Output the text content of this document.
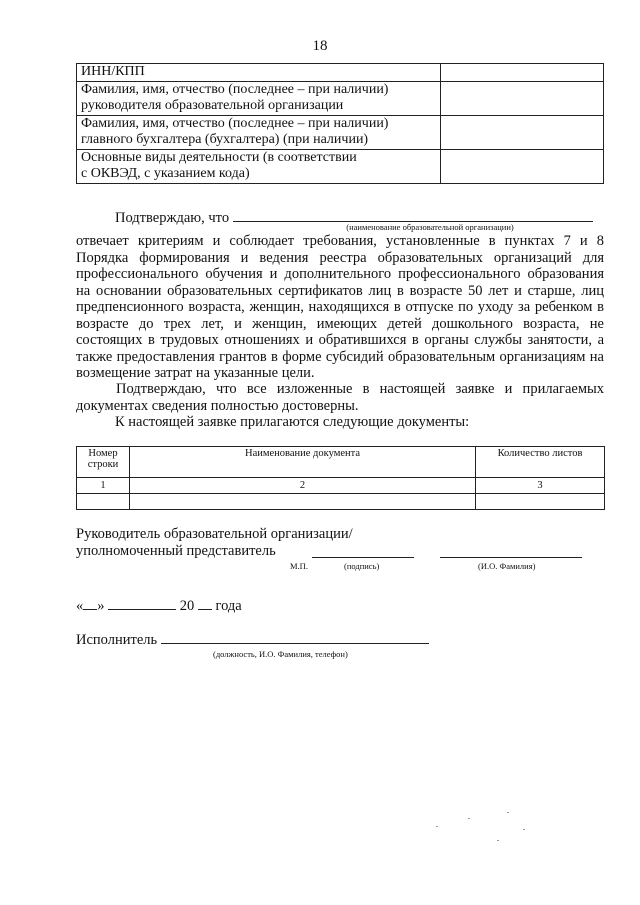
18
ИНН/КПП	

Фамилия, имя, отчество (последнее – при наличии)
руководителя образовательной организации	

Фамилия, имя, отчество (последнее – при наличии)
главного бухгалтера (бухгалтера) (при наличии)	

Основные виды деятельности (в соответствии
с ОКВЭД, с указанием кода)	

Подтверждаю, что
(наименование образовательной организации)
отвечает критериям и соблюдает требования, установленные в пунктах 7 и 8 Порядка формирования и ведения реестра образовательных организаций для профессионального обучения и дополнительного профессионального образования на основании образовательных сертификатов лиц в возрасте 50 лет и старше, лиц предпенсионного возраста, женщин, находящихся в отпуске по уходу за ребенком в возрасте до трех лет, и женщин, имеющих детей дошкольного возраста, не состоящих в трудовых отношениях и обратившихся в органы службы занятости, а также предоставления грантов в форме субсидий образовательным организациям на возмещение затрат на указанные цели.
Подтверждаю, что все изложенные в настоящей заявке и прилагаемых документах сведения полностью достоверны.
К настоящей заявке прилагаются следующие документы:
Номер строки	Наименование документа	Количество листов
1	2	3

Руководитель образовательной организации/
уполномоченный представитель
М.П.	(подпись)	(И.О. Фамилия)
« »	20 года
Исполнитель
(должность, И.О. Фамилия, телефон)
